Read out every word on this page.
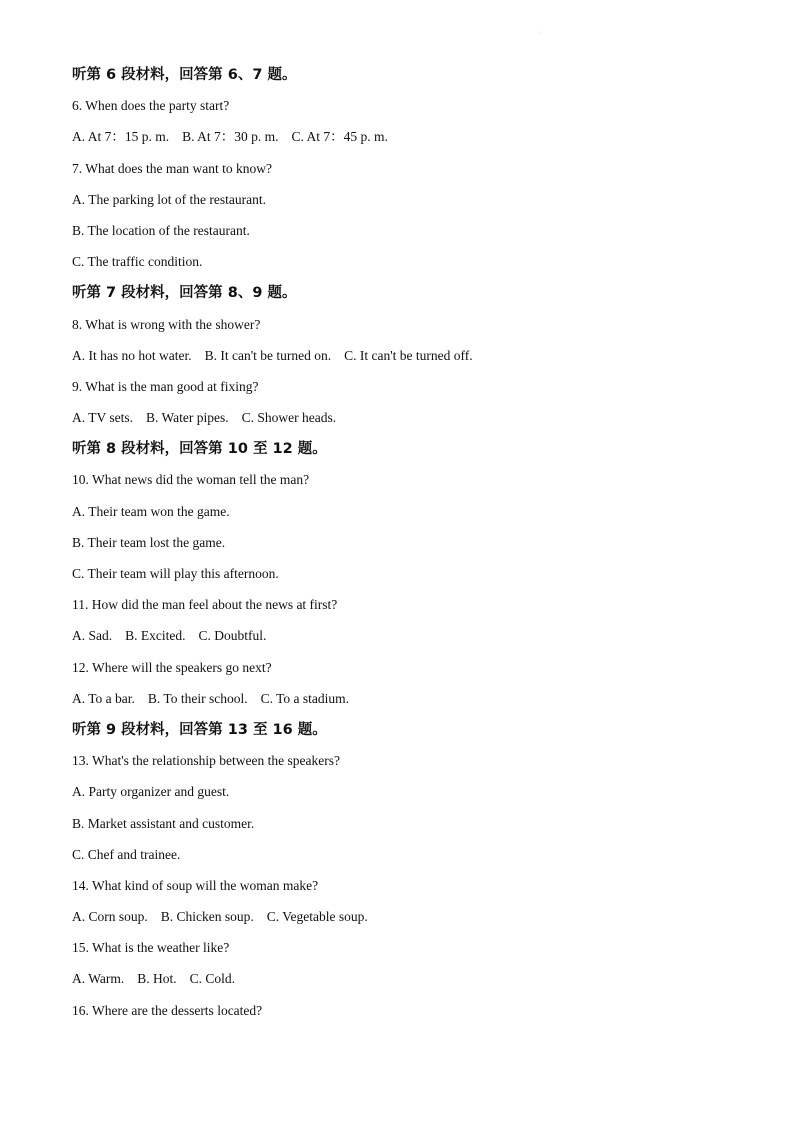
·
听第 6 段材料，回答第 6、7 题。
6. When does the party start?
A. At 7：15 p. m. B. At 7：30 p. m. C. At 7：45 p. m.
7. What does the man want to know?
A. The parking lot of the restaurant.
B. The location of the restaurant.
C. The traffic condition.
听第 7 段材料，回答第 8、9 题。
8. What is wrong with the shower?
A. It has no hot water. B. It can't be turned on. C. It can't be turned off.
9. What is the man good at fixing?
A. TV sets. B. Water pipes. C. Shower heads.
听第 8 段材料，回答第 10 至 12 题。
10. What news did the woman tell the man?
A. Their team won the game.
B. Their team lost the game.
C. Their team will play this afternoon.
11. How did the man feel about the news at first?
A. Sad. B. Excited. C. Doubtful.
12. Where will the speakers go next?
A. To a bar. B. To their school. C. To a stadium.
听第 9 段材料，回答第 13 至 16 题。
13. What's the relationship between the speakers?
A. Party organizer and guest.
B. Market assistant and customer.
C. Chef and trainee.
14. What kind of soup will the woman make?
A. Corn soup. B. Chicken soup. C. Vegetable soup.
15. What is the weather like?
A. Warm. B. Hot. C. Cold.
16. Where are the desserts located?
